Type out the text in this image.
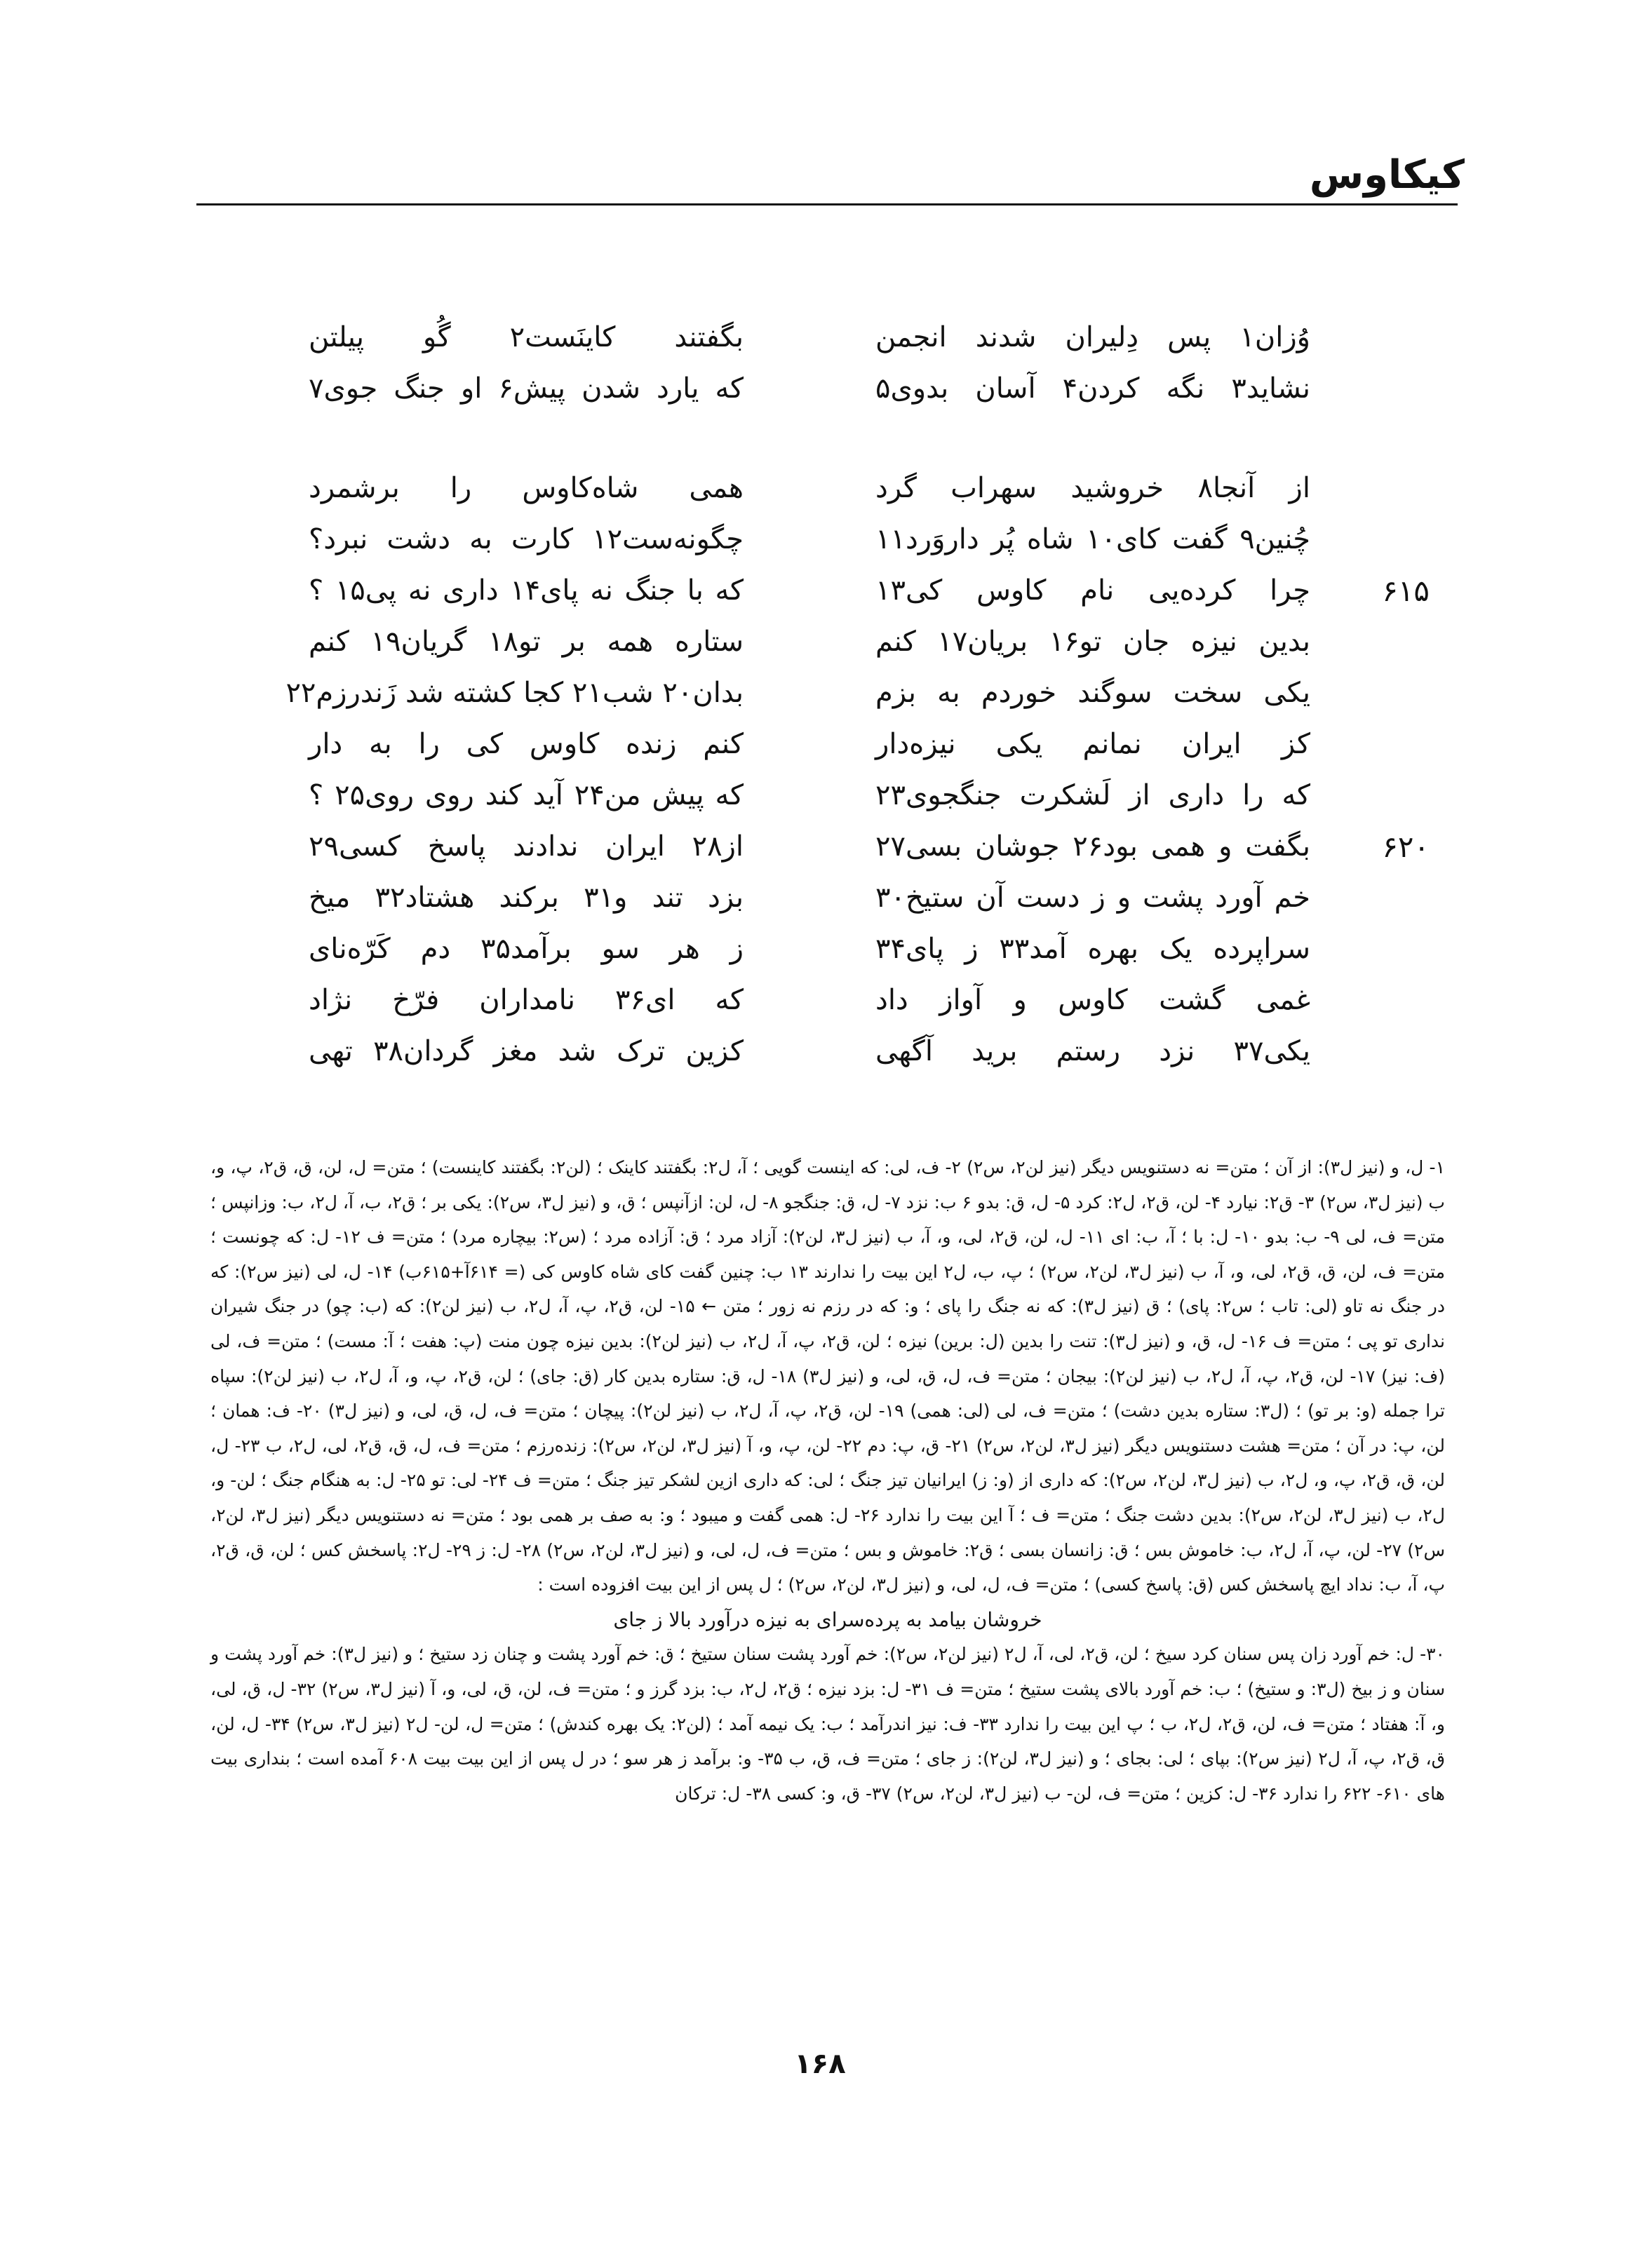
کیکاوس
وُزان۱ پس دِلیران شدند انجمن
بگفتند کاینَست۲ گُو پیلتن
نشاید۳ نگه کردن۴ آسان بدوی۵
که یارد شدن پیش۶ او جنگ جوی۷
از آنجا۸ خروشید سهراب گرد
همی شاه‌کاوس را برشمرد
چُنین۹ گفت کای۱۰ شاه پُر داروَرد۱۱
چگونه‌ست۱۲ کارت به دشت نبرد؟
۶۱۵
چرا کرده‌یی نام کاوس کی۱۳
که با جنگ نه پای۱۴ داری نه پی۱۵ ؟
بدین نیزه جان تو۱۶ بریان۱۷ کنم
ستاره همه بر تو۱۸ گریان۱۹ کنم
یکی سخت سوگند خوردم به بزم
بدان۲۰ شب۲۱ کجا کشته شد زَندرزم۲۲
کز ایران نمانم یکی نیزه‌دار
کنم زنده کاوس کی را به دار
که را داری از لَشکرت جنگجوی۲۳
که پیش من۲۴ آید کند روی روی۲۵ ؟
۶۲۰
بگفت و همی بود۲۶ جوشان بسی۲۷
از۲۸ ایران ندادند پاسخ کسی۲۹
خم آورد پشت و ز دست آن ستیخ۳۰
بزد تند و۳۱ برکند هشتاد۳۲ میخ
سراپرده یک بهره آمد۳۳ ز پای۳۴
ز هر سو برآمد۳۵ دم کَرّه‌نای
غمی گشت کاوس و آواز داد
که ای۳۶ نامداران فرّخ نژاد
یکی۳۷ نزد رستم برید آگهی
کزین ترک شد مغز گردان۳۸ تهی

۱- ل، و (نیز ل۳): از آن ؛ متن= نه دستنویس دیگر (نیز لن۲، س۲) ۲- ف، لی: که اینست گویی ؛ آ، ل۲: بگفتند کاینک ؛ (لن۲: بگفتند کاینست) ؛ متن= ل، لن، ق، ق۲، پ، و، ب (نیز ل۳، س۲) ۳- ق۲: نیارد ۴- لن، ق۲، ل۲: کرد ۵- ل، ق: بدو ۶ ب: نزد ۷- ل، ق: جنگجو ۸- ل، لن: ازآنپس ؛ ق، و (نیز ل۳، س۲): یکی بر ؛ ق۲، ب، آ، ل۲، ب: وزانپس ؛ متن= ف، لی ۹- ب: بدو ۱۰- ل: با ؛ آ، ب: ای ۱۱- ل، لن، ق۲، لی، و، آ، ب (نیز ل۳، لن۲): آزاد مرد ؛ ق: آزاده مرد ؛ (س۲: بیچاره مرد) ؛ متن= ف ۱۲- ل: که چونست ؛ متن= ف، لن، ق، ق۲، لی، و، آ، ب (نیز ل۳، لن۲، س۲) ؛ پ، ب، ل۲ این بیت را ندارند ۱۳ ب: چنین گفت کای شاه کاوس کی (= ۶۱۴آ+۶۱۵ب) ۱۴- ل، لی (نیز س۲): که در جنگ نه تاو (لی: تاب ؛ س۲: پای) ؛ ق (نیز ل۳): که نه جنگ را پای ؛ و: که در رزم نه زور ؛ متن ← ۱۵- لن، ق۲، پ، آ، ل۲، ب (نیز لن۲): که (ب: چو) در جنگ شیران نداری تو پی ؛ متن= ف ۱۶- ل، ق، و (نیز ل۳): تنت را بدین (ل: برین) نیزه ؛ لن، ق۲، پ، آ، ل۲، ب (نیز لن۲): بدین نیزه چون منت (پ: هفت ؛ آ: مست) ؛ متن= ف، لی (ف: نیز) ۱۷- لن، ق۲، پ، آ، ل۲، ب (نیز لن۲): بیجان ؛ متن= ف، ل، ق، لی، و (نیز ل۳) ۱۸- ل، ق: ستاره بدین کار (ق: جای) ؛ لن، ق۲، پ، و، آ، ل۲، ب (نیز لن۲): سپاه ترا جمله (و: بر تو) ؛ (ل۳: ستاره بدین دشت) ؛ متن= ف، لی (لی: همی) ۱۹- لن، ق۲، پ، آ، ل۲، ب (نیز لن۲): پیچان ؛ متن= ف، ل، ق، لی، و (نیز ل۳) ۲۰- ف: همان ؛ لن، پ: در آن ؛ متن= هشت دستنویس دیگر (نیز ل۳، لن۲، س۲) ۲۱- ق، پ: دم ۲۲- لن، پ، و، آ (نیز ل۳، لن۲، س۲): زنده‌رزم ؛ متن= ف، ل، ق، ق۲، لی، ل۲، ب ۲۳- ل، لن، ق، ق۲، پ، و، ل۲، ب (نیز ل۳، لن۲، س۲): که داری از (و: ز) ایرانیان تیز جنگ ؛ لی: که داری ازین لشکر تیز جنگ ؛ متن= ف ۲۴- لی: تو ۲۵- ل: به هنگام جنگ ؛ لن- و، ل۲، ب (نیز ل۳، لن۲، س۲): بدین دشت جنگ ؛ متن= ف ؛ آ این بیت را ندارد ۲۶- ل: همی گفت و میبود ؛ و: به صف بر همی بود ؛ متن= نه دستنویس دیگر (نیز ل۳، لن۲، س۲) ۲۷- لن، پ، آ، ل۲، ب: خاموش بس ؛ ق: زانسان بسی ؛ ق۲: خاموش و بس ؛ متن= ف، ل، لی، و (نیز ل۳، لن۲، س۲) ۲۸- ل: ز ۲۹- ل۲: پاسخش کس ؛ لن، ق، ق۲، پ، آ، ب: نداد ایچ پاسخش کس (ق: پاسخ کسی) ؛ متن= ف، ل، لی، و (نیز ل۳، لن۲، س۲) ؛ ل پس از این بیت افزوده است :

خروشان بیامد به پرده‌سرای به نیزه درآورد بالا ز جای

۳۰- ل: خم آورد زان پس سنان کرد سیخ ؛ لن، ق۲، لی، آ، ل۲ (نیز لن۲، س۲): خم آورد پشت سنان ستیخ ؛ ق: خم آورد پشت و چنان زد ستیخ ؛ و (نیز ل۳): خم آورد پشت و سنان و ز بیخ (ل۳: و ستیخ) ؛ ب: خم آورد بالای پشت ستیخ ؛ متن= ف ۳۱- ل: بزد نیزه ؛ ق۲، ل۲، ب: بزد گرز و ؛ متن= ف، لن، ق، لی، و، آ (نیز ل۳، س۲) ۳۲- ل، ق، لی، و، آ: هفتاد ؛ متن= ف، لن، ق۲، ل۲، ب ؛ پ این بیت را ندارد ۳۳- ف: نیز اندرآمد ؛ ب: یک نیمه آمد ؛ (لن۲: یک بهره کندش) ؛ متن= ل، لن- ل۲ (نیز ل۳، س۲) ۳۴- ل، لن، ق، ق۲، پ، آ، ل۲ (نیز س۲): بپای ؛ لی: بجای ؛ و (نیز ل۳، لن۲): ز جای ؛ متن= ف، ق، ب ۳۵- و: برآمد ز هر سو ؛ در ل پس از این بیت بیت ۶۰۸ آمده است ؛ بنداری بیت های ۶۱۰- ۶۲۲ را ندارد ۳۶- ل: کزین ؛ متن= ف، لن- ب (نیز ل۳، لن۲، س۲) ۳۷- ق، و: کسی ۳۸- ل: ترکان

۱۶۸
